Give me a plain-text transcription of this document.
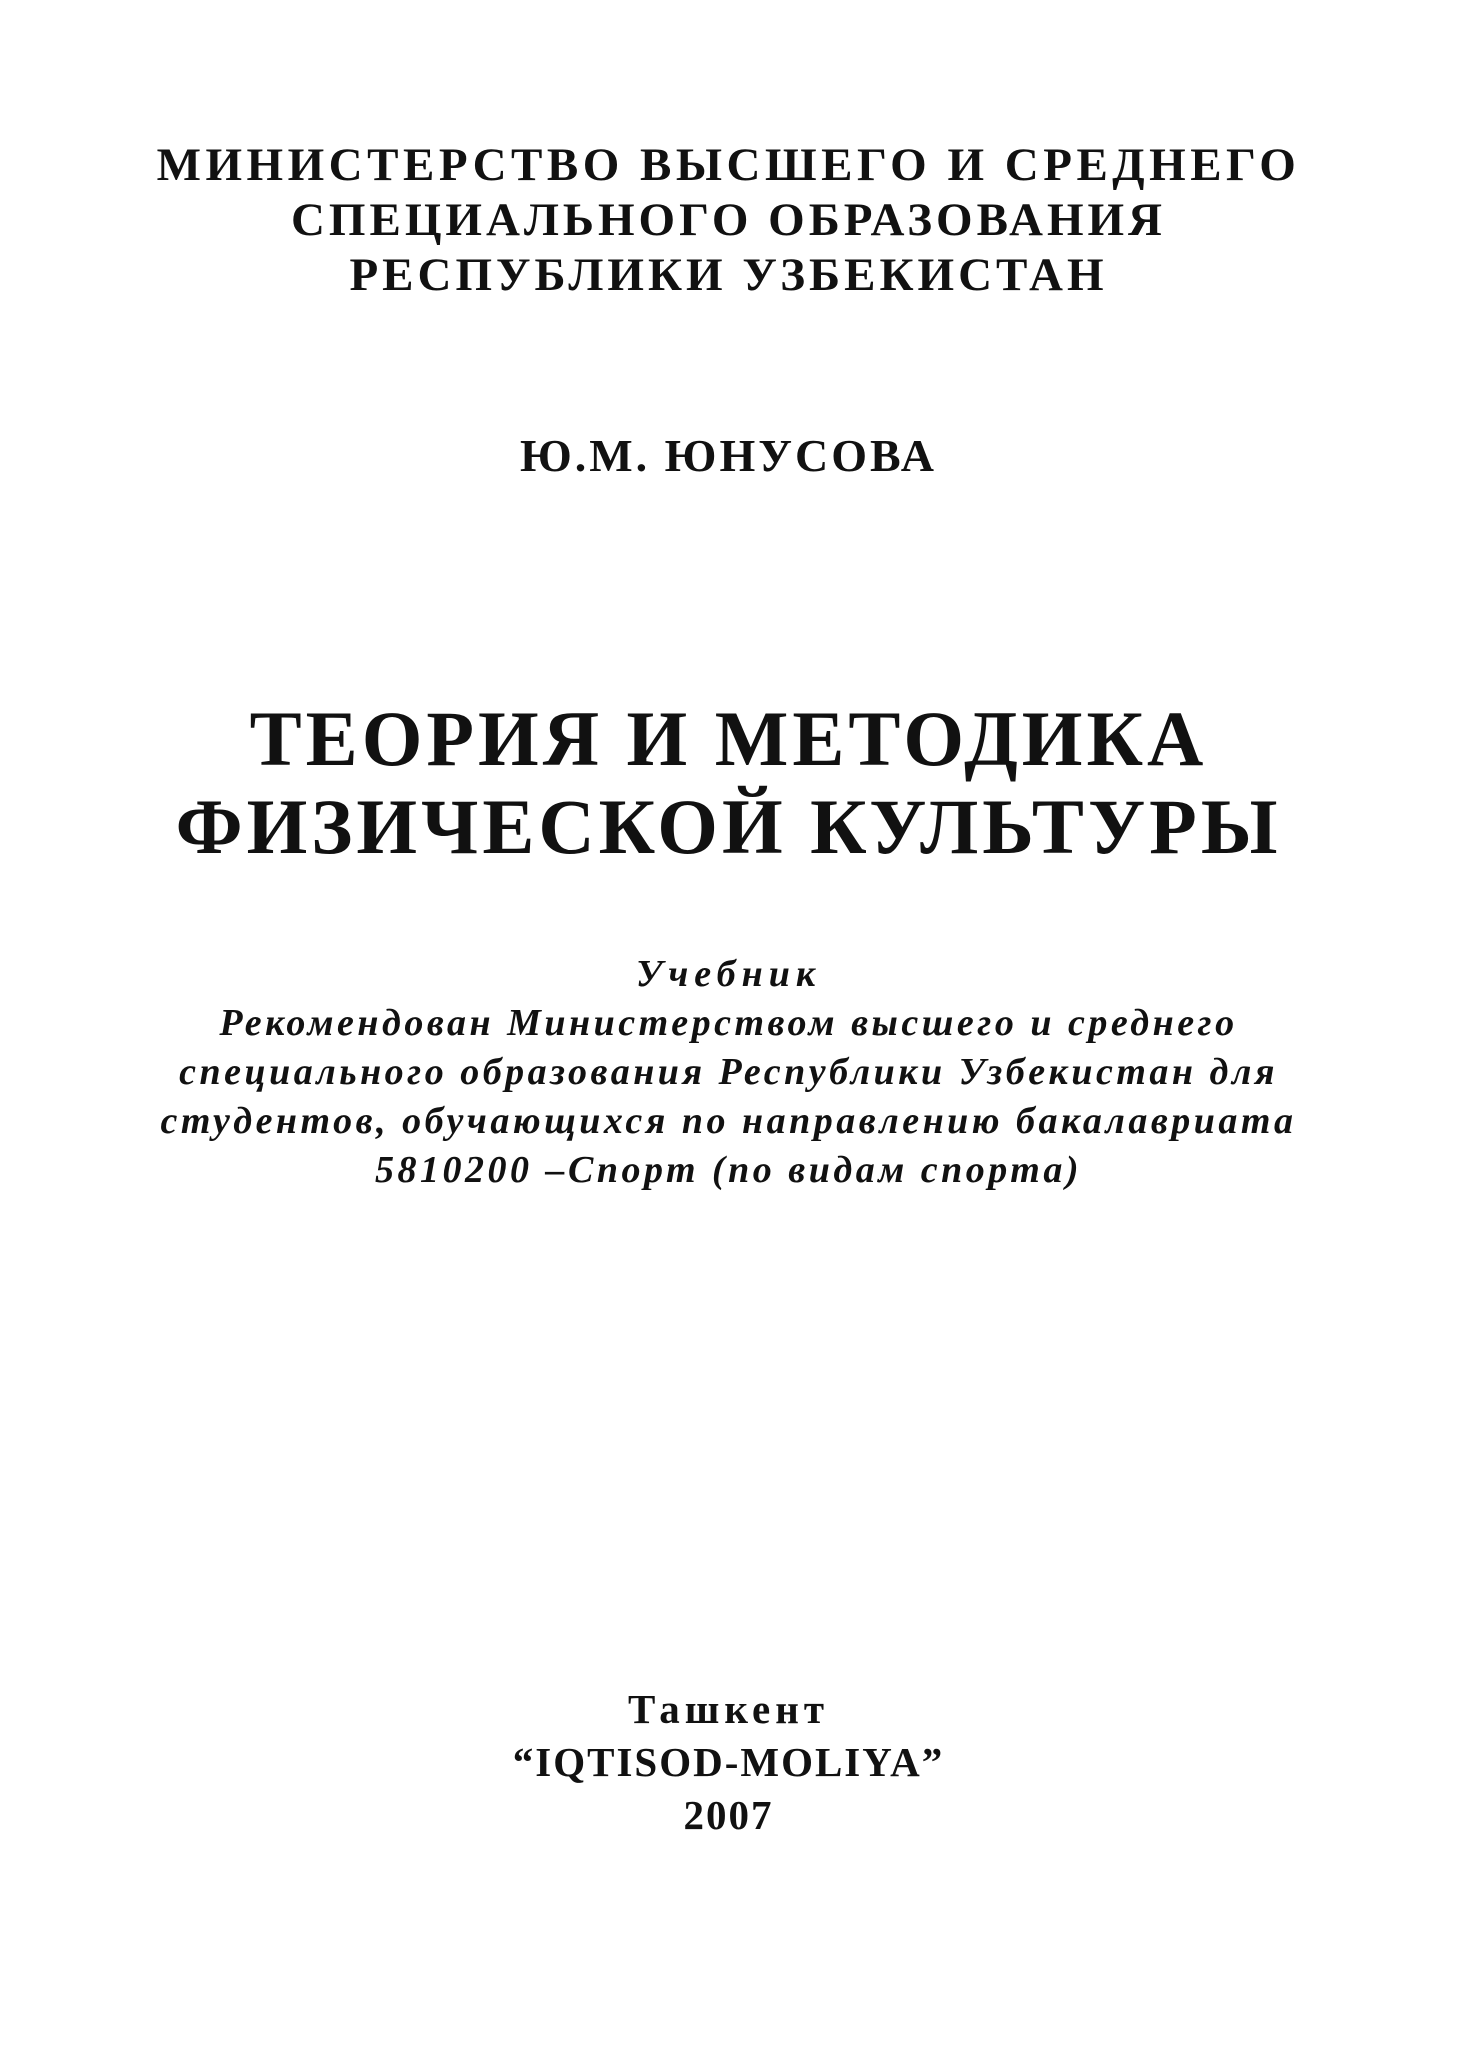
МИНИСТЕРСТВО ВЫСШЕГО И СРЕДНЕГО
СПЕЦИАЛЬНОГО ОБРАЗОВАНИЯ
РЕСПУБЛИКИ УЗБЕКИСТАН
Ю.М. ЮНУСОВА
ТЕОРИЯ И МЕТОДИКА
ФИЗИЧЕСКОЙ КУЛЬТУРЫ
Учебник
Рекомендован Министерством высшего и среднего
специального образования Республики Узбекистан для
студентов, обучающихся по направлению бакалавриата
5810200 –Спорт (по видам спорта)
Ташкент
“IQTISOD-MOLIYA”
2007
